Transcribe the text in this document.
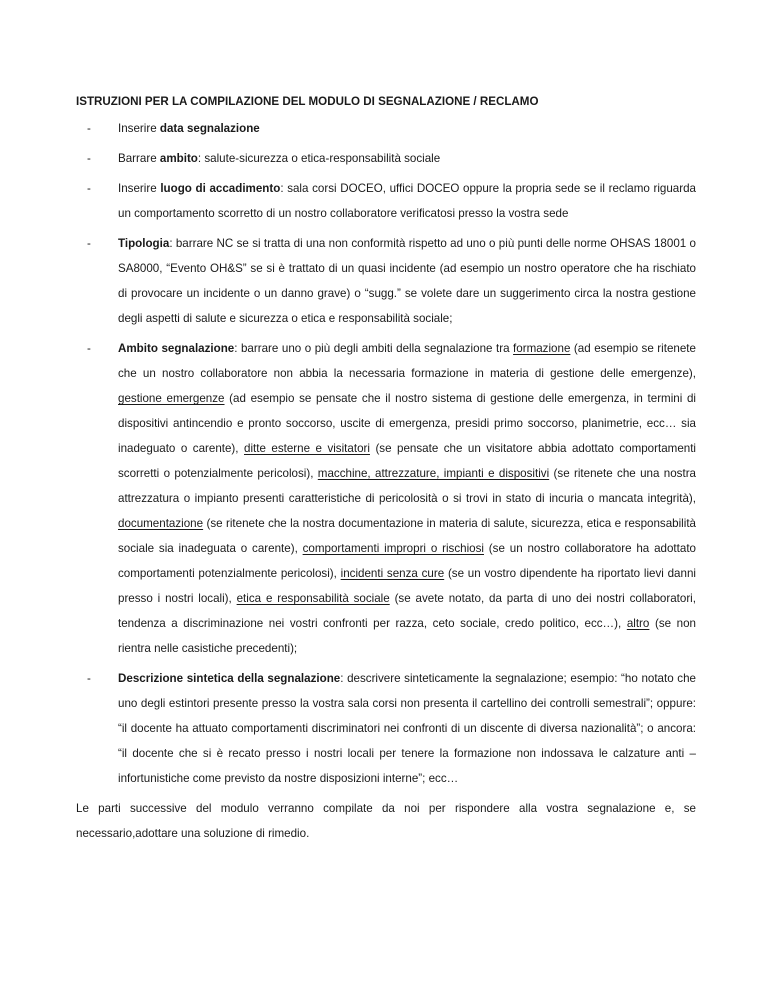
ISTRUZIONI PER LA COMPILAZIONE DEL MODULO DI SEGNALAZIONE / RECLAMO
- Inserire data segnalazione
- Barrare ambito: salute-sicurezza o etica-responsabilità sociale
- Inserire luogo di accadimento: sala corsi DOCEO, uffici DOCEO oppure la propria sede se il reclamo riguarda un comportamento scorretto di un nostro collaboratore verificatosi presso la vostra sede
- Tipologia: barrare NC se si tratta di una non conformità rispetto ad uno o più punti delle norme OHSAS 18001 o SA8000, “Evento OH&S” se si è trattato di un quasi incidente (ad esempio un nostro operatore che ha rischiato di provocare un incidente o un danno grave) o “sugg.” se volete dare un suggerimento circa la nostra gestione degli aspetti di salute e sicurezza o etica e responsabilità sociale;
- Ambito segnalazione: barrare uno o più degli ambiti della segnalazione tra formazione (ad esempio se ritenete che un nostro collaboratore non abbia la necessaria formazione in materia di gestione delle emergenze), gestione emergenze (ad esempio se pensate che il nostro sistema di gestione delle emergenza, in termini di dispositivi antincendio e pronto soccorso, uscite di emergenza, presidi primo soccorso, planimetrie, ecc… sia inadeguato o carente), ditte esterne e visitatori (se pensate che un visitatore abbia adottato comportamenti scorretti o potenzialmente pericolosi), macchine, attrezzature, impianti e dispositivi (se ritenete che una nostra attrezzatura o impianto presenti caratteristiche di pericolosità o si trovi in stato di incuria o mancata integrità), documentazione (se ritenete che la nostra documentazione in materia di salute, sicurezza, etica e responsabilità sociale sia inadeguata o carente), comportamenti impropri o rischiosi (se un nostro collaboratore ha adottato comportamenti potenzialmente pericolosi), incidenti senza cure (se un vostro dipendente ha riportato lievi danni presso i nostri locali), etica e responsabilità sociale (se avete notato, da parta di uno dei nostri collaboratori, tendenza a discriminazione nei vostri confronti per razza, ceto sociale, credo politico, ecc…), altro (se non rientra nelle casistiche precedenti);
- Descrizione sintetica della segnalazione: descrivere sinteticamente la segnalazione; esempio: “ho notato che uno degli estintori presente presso la vostra sala corsi non presenta il cartellino dei controlli semestrali”; oppure: “il docente ha attuato comportamenti discriminatori nei confronti di un discente di diversa nazionalità”; o ancora: “il docente che si è recato presso i nostri locali per tenere la formazione non indossava le calzature anti – infortunistiche come previsto da nostre disposizioni interne”; ecc…
Le parti successive del modulo verranno compilate da noi per rispondere alla vostra segnalazione e, se necessario,adottare una soluzione di rimedio.
